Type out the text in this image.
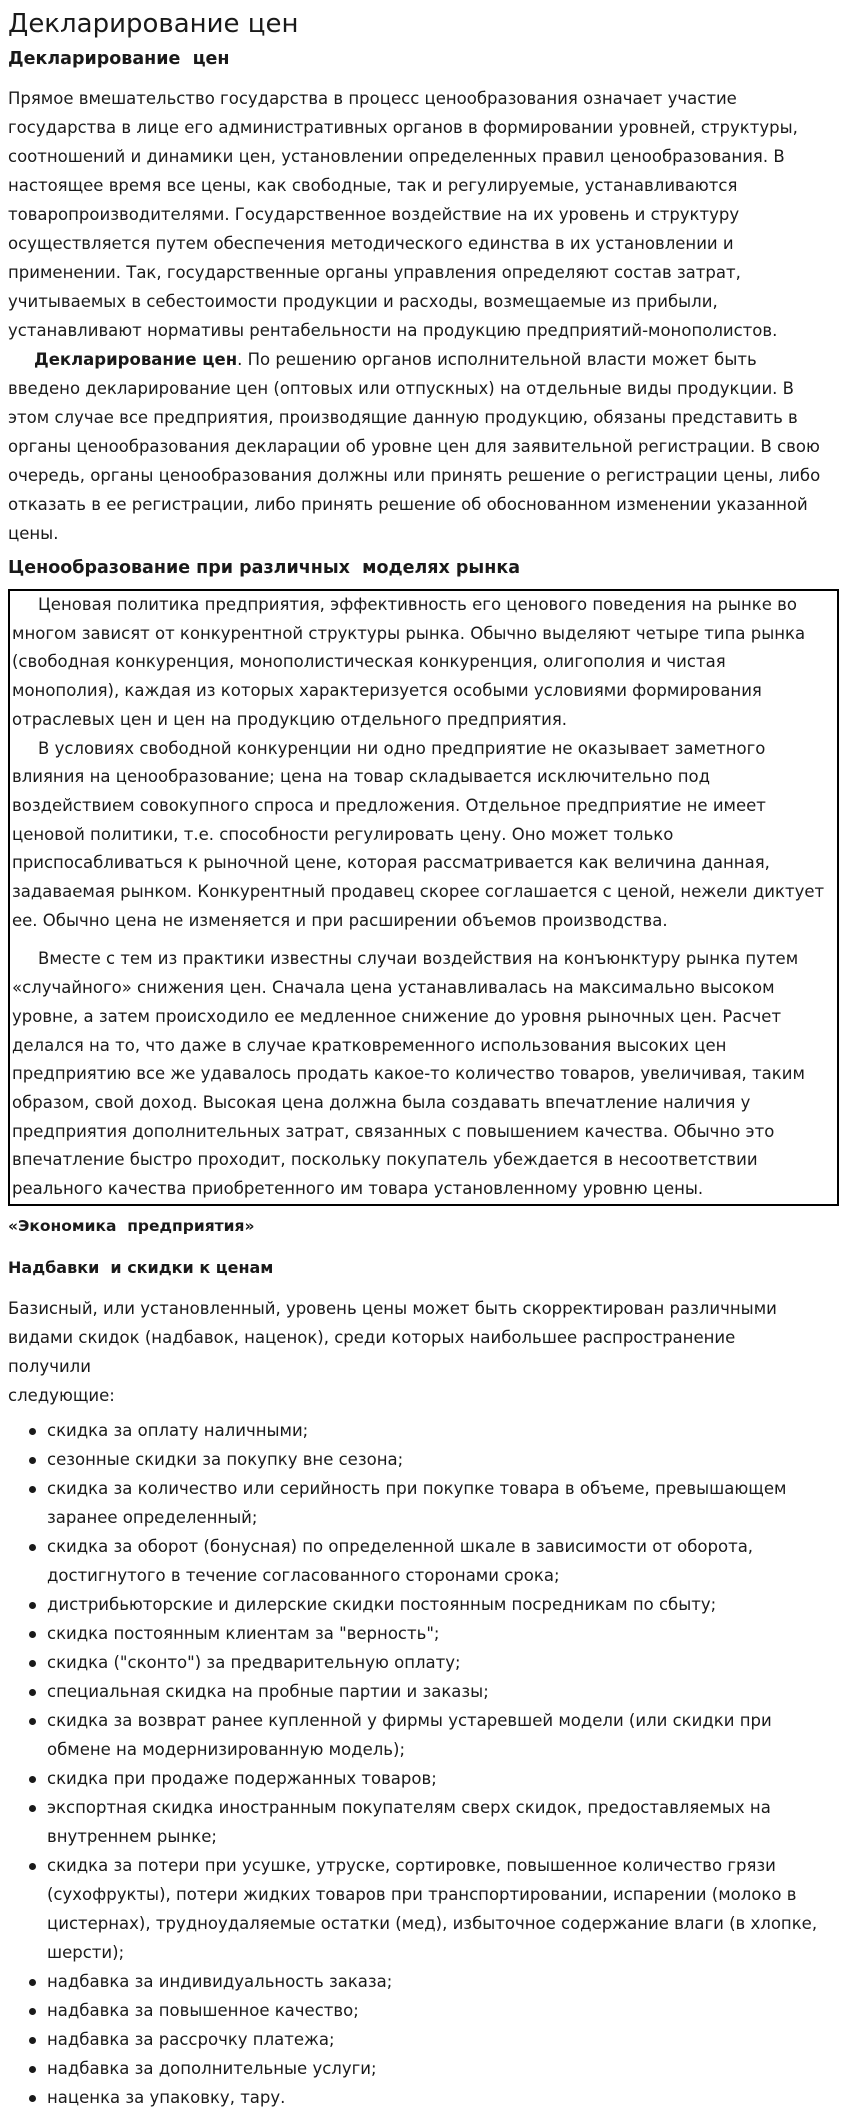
Декларирование цен
Декларирование  цен

Прямое вмешательство государства в процесс ценообразования означает участие государства в лице его административных органов в формировании уровней, структуры, соотношений и динамики цен, установлении определенных правил ценообразования. В настоящее время все цены, как свободные, так и регулируемые, устанавливаются товаропроизводителями. Государственное воздействие на их уровень и структуру осуществляется путем обеспечения методического единства в их установлении и применении. Так, государственные органы управления определяют состав затрат, учитываемых в себестоимости продукции и расходы, возмещаемые из прибыли, устанавливают нормативы рентабельности на продукцию предприятий-монополистов.

Декларирование цен. По решению органов исполнительной власти может быть введено декларирование цен (оптовых или отпускных) на отдельные виды продукции. В этом случае все предприятия, производящие данную продукцию, обязаны представить в органы ценообразования декларации об уровне цен для заявительной регистрации. В свою очередь, органы ценообразования должны или принять решение о регистрации цены, либо отказать в ее регистрации, либо принять решение об обоснованном изменении указанной цены.

Ценообразование при различных  моделях рынка

Ценовая политика предприятия, эффективность его ценового поведения на рынке во многом зависят от конкурентной структуры рынка. Обычно выделяют четыре типа рынка (свободная конкуренция, монополистическая конкуренция, олигополия и чистая монополия), каждая из которых характеризуется особыми условиями формирования отраслевых цен и цен на продукцию отдельного предприятия.

В условиях свободной конкуренции ни одно предприятие не оказывает заметного влияния на ценообразование; цена на товар складывается исключительно под воздействием совокупного спроса и предложения. Отдельное предприятие не имеет ценовой политики, т.е. способности регулировать цену. Оно может только приспосабливаться к рыночной цене, которая рассматривается как величина данная, задаваемая рынком. Конкурентный продавец скорее соглашается с ценой, нежели диктует ее. Обычно цена не изменяется и при расширении объемов производства.

Вместе с тем из практики известны случаи воздействия на конъюнктуру рынка путем «случайного» снижения цен. Сначала цена устанавливалась на максимально высоком уровне, а затем происходило ее медленное снижение до уровня рыночных цен. Расчет делался на то, что даже в случае кратковременного использования высоких цен предприятию все же удавалось продать какое-то количество товаров, увеличивая, таким образом, свой доход. Высокая цена должна была создавать впечатление наличия у предприятия дополнительных затрат, связанных с повышением качества. Обычно это впечатление быстро проходит, поскольку покупатель убеждается в несоответствии реального качества приобретенного им товара установленному уровню цены.

«Экономика  предприятия»
Надбавки  и скидки к ценам

Базисный, или установленный, уровень цены может быть скорректирован различными видами скидок (надбавок, наценок), среди которых наибольшее распространение получили
следующие:

скидка за оплату наличными;
сезонные скидки за покупку вне сезона;
скидка за количество или серийность при покупке товара в объеме, превышающем заранее определенный;
скидка за оборот (бонусная) по определенной шкале в зависимости от оборота, достигнутого в течение согласованного сторонами срока;
дистрибьюторские и дилерские скидки постоянным посредникам по сбыту;
скидка постоянным клиентам за "верность";
скидка ("сконто") за предварительную оплату;
специальная скидка на пробные партии и заказы;
скидка за возврат ранее купленной у фирмы устаревшей модели (или скидки при обмене на модернизированную модель);
скидка при продаже подержанных товаров;
экспортная скидка иностранным покупателям сверх скидок, предоставляемых на внутреннем рынке;
скидка за потери при усушке, утруске, сортировке, повышенное количество грязи (сухофрукты), потери жидких товаров при транспортировании, испарении (молоко в цистернах), трудноудаляемые остатки (мед), избыточное содержание влаги (в хлопке, шерсти);
надбавка за индивидуальность заказа;
надбавка за повышенное качество;
надбавка за рассрочку платежа;
надбавка за дополнительные услуги;
наценка за упаковку, тару.
